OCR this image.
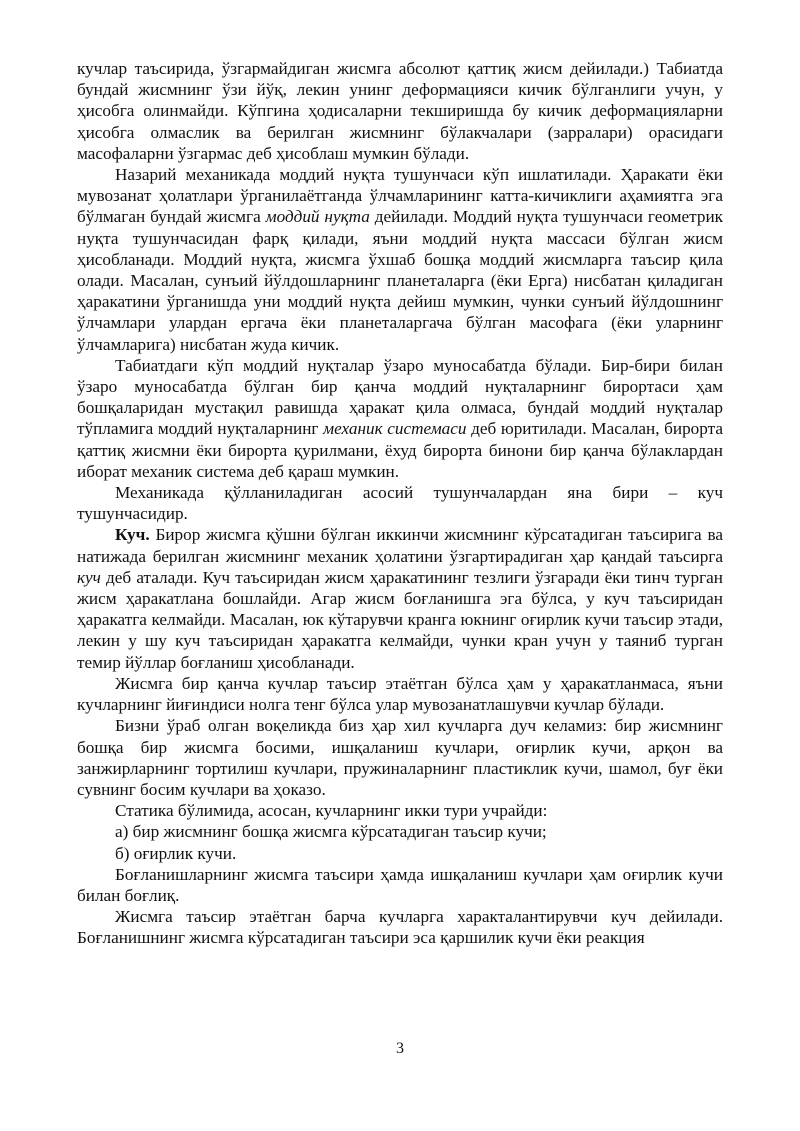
кучлар таъсирида, ўзгармайдиган жисмга абсолют қаттиқ жисм дейилади.) Табиатда бундай жисмнинг ўзи йўқ, лекин унинг деформацияси кичик бўлганлиги учун, у ҳисобга олинмайди. Кўпгина ҳодисаларни текширишда бу кичик деформацияларни ҳисобга олмаслик ва берилган жисмнинг бўлакчалари (зарралари) орасидаги масофаларни ўзгармас деб ҳисоблаш мумкин бўлади.

Назарий механикада моддий нуқта тушунчаси кўп ишлатилади. Ҳаракати ёки мувозанат ҳолатлари ўрганилаётганда ўлчамларининг катта-кичиклиги аҳамиятга эга бўлмаган бундай жисмга моддий нуқта дейилади. Моддий нуқта тушунчаси геометрик нуқта тушунчасидан фарқ қилади, яъни моддий нуқта массаси бўлган жисм ҳисобланади. Моддий нуқта, жисмга ўхшаб бошқа моддий жисмларга таъсир қила олади. Масалан, сунъий йўлдошларнинг планеталарга (ёки Ерга) нисбатан қиладиган ҳаракатини ўрганишда уни моддий нуқта дейиш мумкин, чунки сунъий йўлдошнинг ўлчамлари улардан ергача ёки планеталаргача бўлган масофага (ёки уларнинг ўлчамларига) нисбатан жуда кичик.

Табиатдаги кўп моддий нуқталар ўзаро муносабатда бўлади. Бир-бири билан ўзаро муносабатда бўлган бир қанча моддий нуқталарнинг бирортаси ҳам бошқаларидан мустақил равишда ҳаракат қила олмаса, бундай моддий нуқталар тўпламига моддий нуқталарнинг механик системаси деб юритилади. Масалан, бирорта қаттиқ жисмни ёки бирорта қурилмани, ёхуд бирорта бинони бир қанча бўлаклардан иборат механик система деб қараш мумкин.

Механикада қўлланиладиган асосий тушунчалардан яна бири – куч тушунчасидир.

Куч. Бирор жисмга қўшни бўлган иккинчи жисмнинг кўрсатадиган таъсирига ва натижада берилган жисмнинг механик ҳолатини ўзгартирадиган ҳар қандай таъсирга куч деб аталади. Куч таъсиридан жисм ҳаракатининг тезлиги ўзгаради ёки тинч турган жисм ҳаракатлана бошлайди. Агар жисм боғланишга эга бўлса, у куч таъсиридан ҳаракатга келмайди. Масалан, юк кўтарувчи кранга юкнинг оғирлик кучи таъсир этади, лекин у шу куч таъсиридан ҳаракатга келмайди, чунки кран учун у таяниб турган темир йўллар боғланиш ҳисобланади.

Жисмга бир қанча кучлар таъсир этаётган бўлса ҳам у ҳаракатланмаса, яъни кучларнинг йиғиндиси нолга тенг бўлса улар мувозанатлашувчи кучлар бўлади.

Бизни ўраб олган воқеликда биз ҳар хил кучларга дуч келамиз: бир жисмнинг бошқа бир жисмга босими, ишқаланиш кучлари, оғирлик кучи, арқон ва занжирларнинг тортилиш кучлари, пружиналарнинг пластиклик кучи, шамол, буғ ёки сувнинг босим кучлари ва ҳоказо.

Статика бўлимида, асосан, кучларнинг икки тури учрайди:

а) бир жисмнинг бошқа жисмга кўрсатадиган таъсир кучи;

б) оғирлик кучи.

Боғланишларнинг жисмга таъсири ҳамда ишқаланиш кучлари ҳам оғирлик кучи билан боғлиқ.

Жисмга таъсир этаётган барча кучларга характалантирувчи куч дейилади. Боғланишнинг жисмга кўрсатадиган таъсири эса қаршилик кучи ёки реакция

3
